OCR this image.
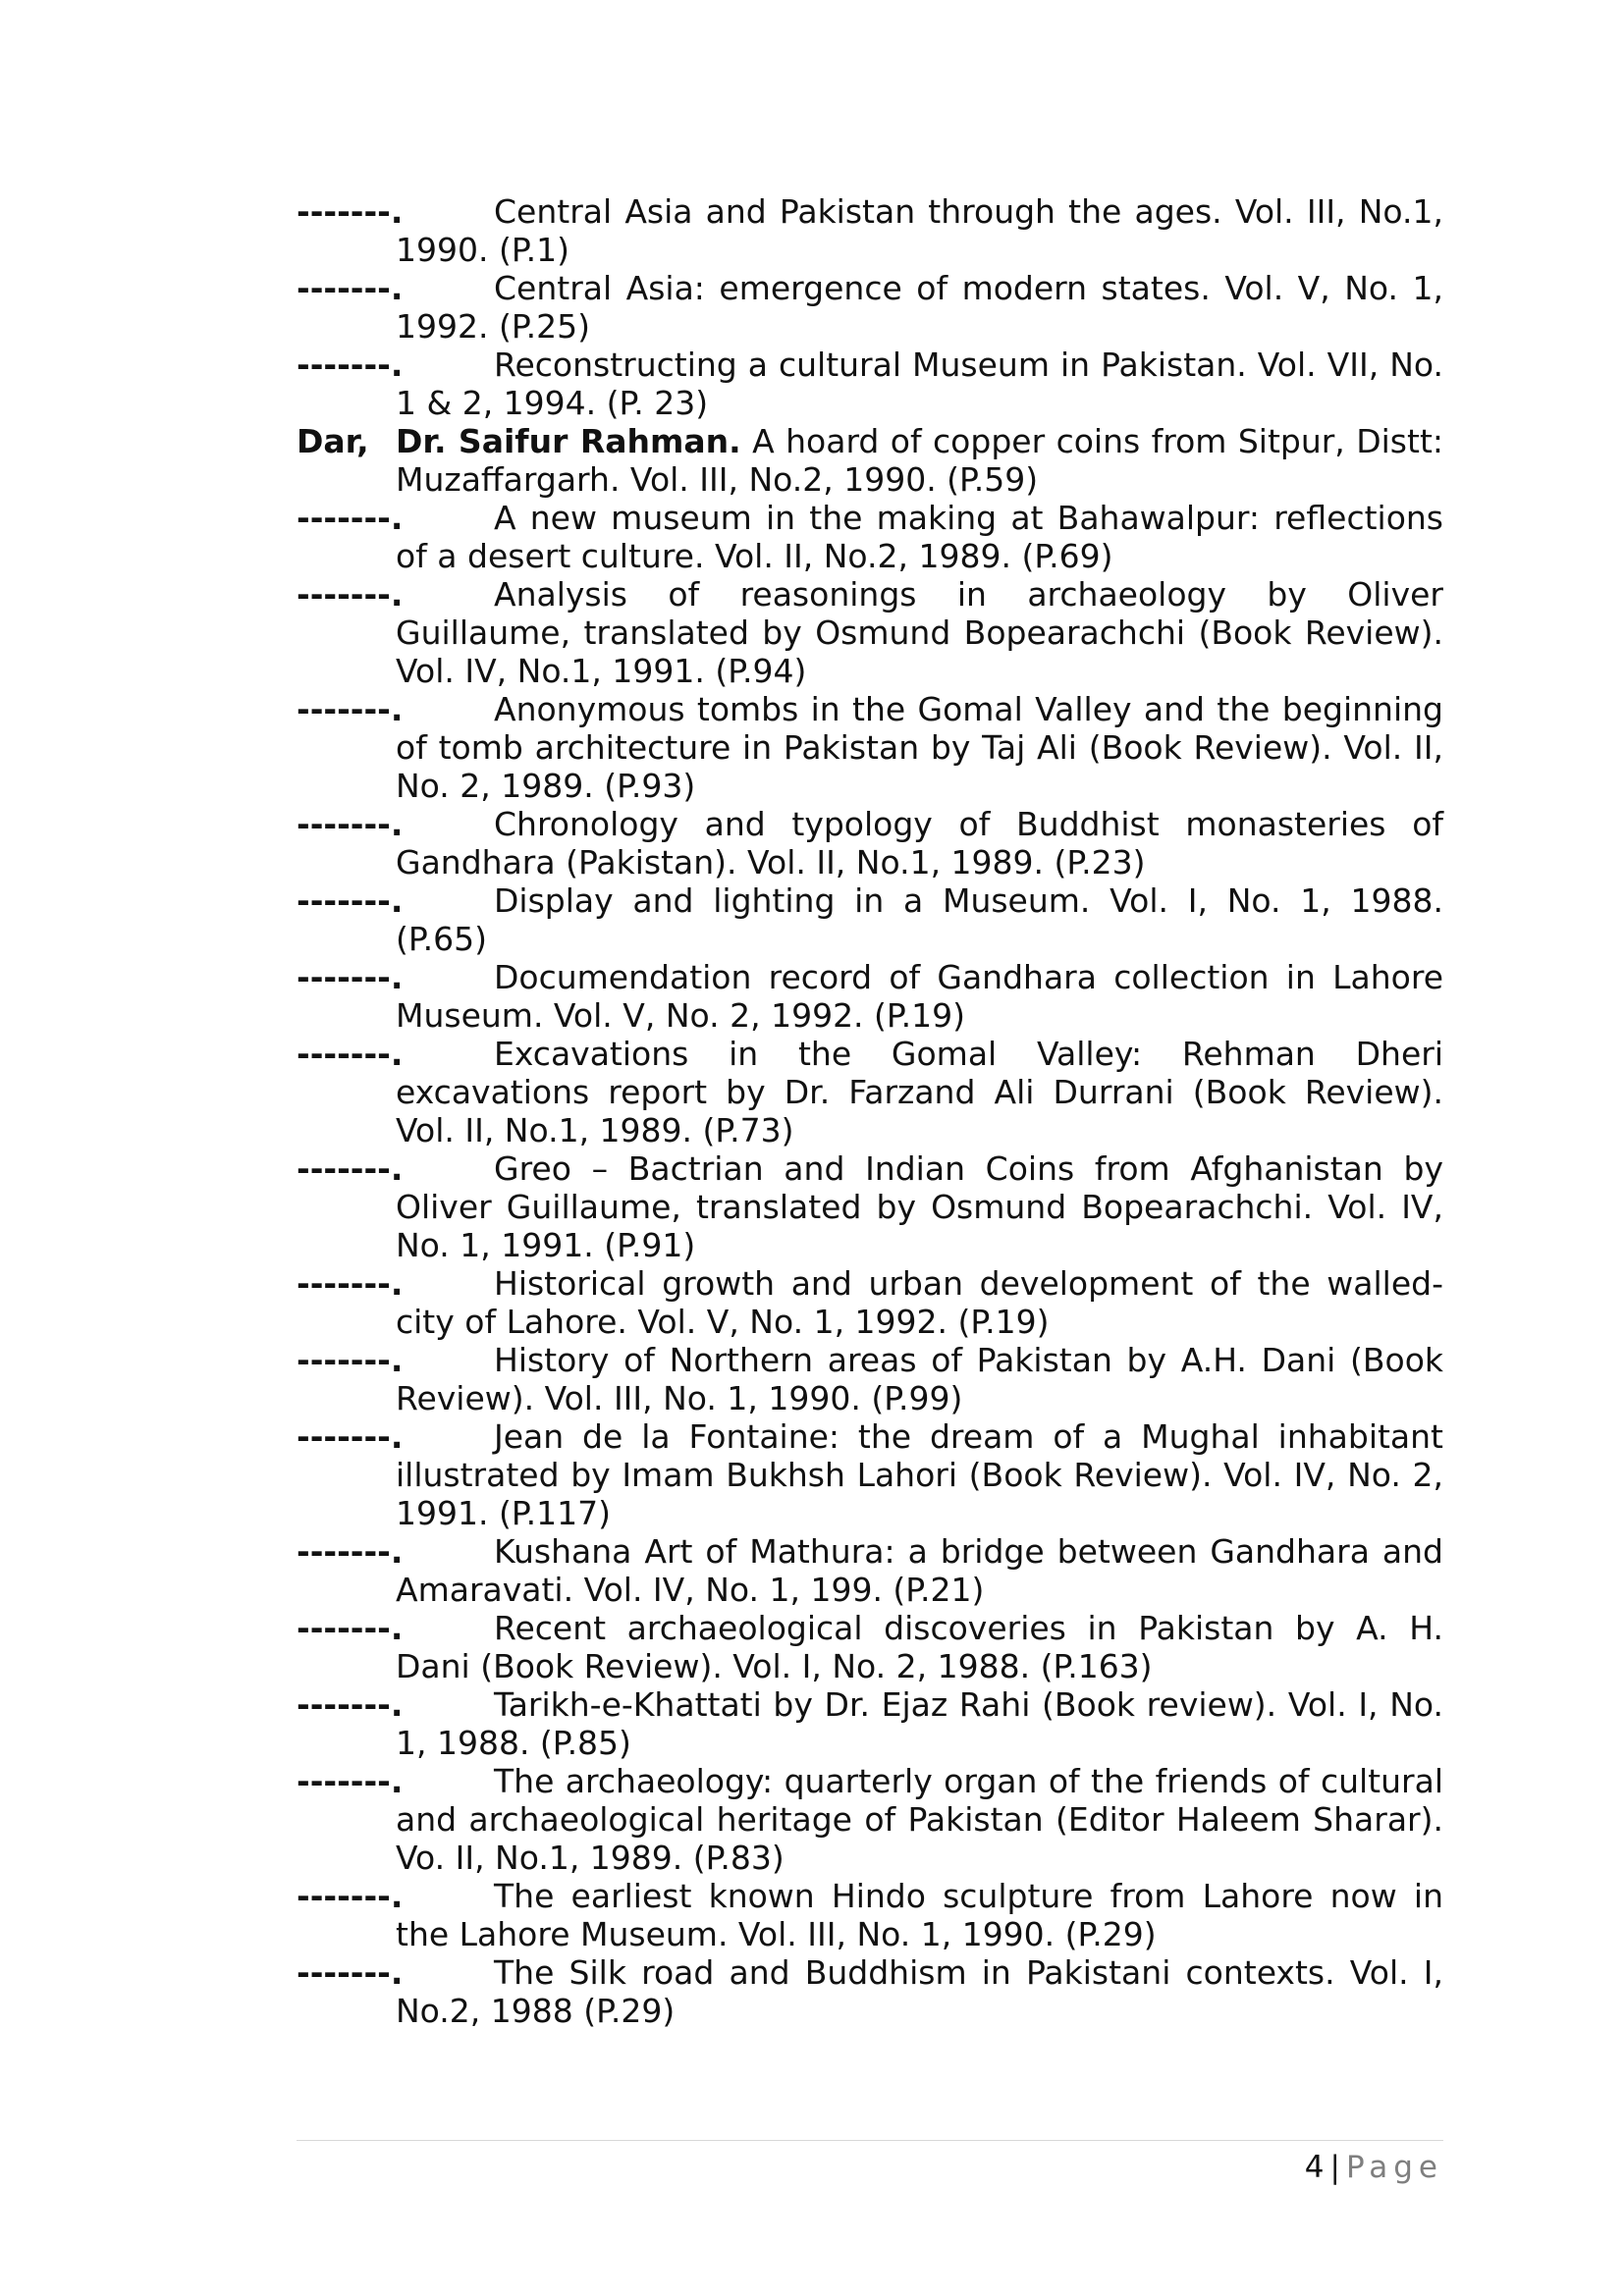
-------.	Central Asia and Pakistan through the ages. Vol. III, No.1, 1990. (P.1)
-------.	Central Asia: emergence of modern states. Vol. V, No. 1, 1992. (P.25)
-------.	Reconstructing a cultural Museum in Pakistan. Vol. VII, No. 1 & 2, 1994. (P. 23)
Dar, Dr. Saifur Rahman. A hoard of copper coins from Sitpur, Distt: Muzaffargarh. Vol. III, No.2, 1990. (P.59)
-------.	A new museum in the making at Bahawalpur: reflections of a desert culture. Vol. II, No.2, 1989. (P.69)
-------.	Analysis of reasonings in archaeology by Oliver Guillaume, translated by Osmund Bopearachchi (Book Review). Vol. IV, No.1, 1991. (P.94)
-------.	Anonymous tombs in the Gomal Valley and the beginning of tomb architecture in Pakistan by Taj Ali (Book Review). Vol. II, No. 2, 1989. (P.93)
-------.	Chronology and typology of Buddhist monasteries of Gandhara (Pakistan). Vol. II, No.1, 1989. (P.23)
-------.	Display and lighting in a Museum. Vol. I, No. 1, 1988. (P.65)
-------.	Documendation record of Gandhara collection in Lahore Museum. Vol. V, No. 2, 1992. (P.19)
-------.	Excavations in the Gomal Valley: Rehman Dheri excavations report by Dr. Farzand Ali Durrani (Book Review). Vol. II, No.1, 1989. (P.73)
-------.	Greo – Bactrian and Indian Coins from Afghanistan by Oliver Guillaume, translated by Osmund Bopearachchi. Vol. IV, No. 1, 1991. (P.91)
-------.	Historical growth and urban development of the walled-city of Lahore. Vol. V, No. 1, 1992. (P.19)
-------.	History of Northern areas of Pakistan by A.H. Dani (Book Review). Vol. III, No. 1, 1990. (P.99)
-------.	Jean de la Fontaine: the dream of a Mughal inhabitant illustrated by Imam Bukhsh Lahori (Book Review). Vol. IV, No. 2, 1991. (P.117)
-------.	Kushana Art of Mathura: a bridge between Gandhara and Amaravati. Vol. IV, No. 1, 199. (P.21)
-------.	Recent archaeological discoveries in Pakistan by A. H. Dani (Book Review). Vol. I, No. 2, 1988. (P.163)
-------.	Tarikh-e-Khattati by Dr. Ejaz Rahi (Book review). Vol. I, No. 1, 1988. (P.85)
-------.	The archaeology: quarterly organ of the friends of cultural and archaeological heritage of Pakistan (Editor Haleem Sharar). Vo. II, No.1, 1989. (P.83)
-------.	The earliest known Hindo sculpture from Lahore now in the Lahore Museum. Vol. III, No. 1, 1990. (P.29)
-------.	The Silk road and Buddhism in Pakistani contexts. Vol. I, No.2, 1988 (P.29)
4 | Page
